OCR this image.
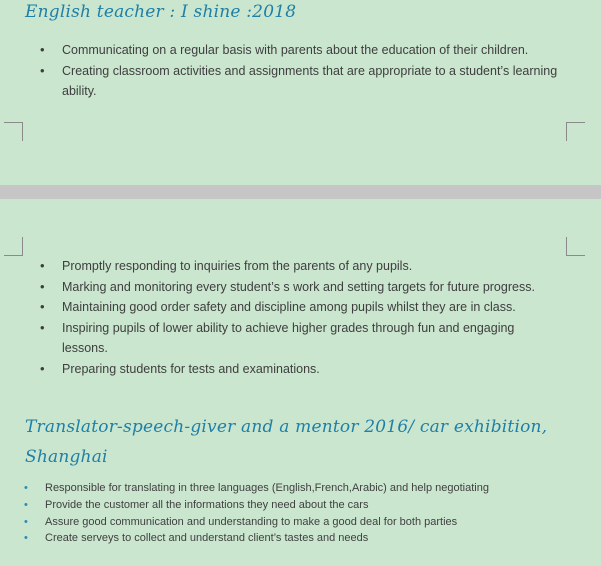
English teacher : I shine :2018
• Communicating on a regular basis with parents about the education of their children.
• Creating classroom activities and assignments that are appropriate to a student’s learning ability.
• Promptly responding to inquiries from the parents of any pupils.
• Marking and monitoring every student’s s work and setting targets for future progress.
• Maintaining good order safety and discipline among pupils whilst they are in class.
• Inspiring pupils of lower ability to achieve higher grades through fun and engaging lessons.
• Preparing students for tests and examinations.
Translator-speech-giver and a mentor 2016/ car exhibition, Shanghai
• Responsible for translating in three languages (English,French,Arabic) and help negotiating
• Provide the customer all the informations they need about the cars
• Assure good communication and understanding to make a good deal for both parties
• Create serveys to collect and understand client’s tastes and needs
